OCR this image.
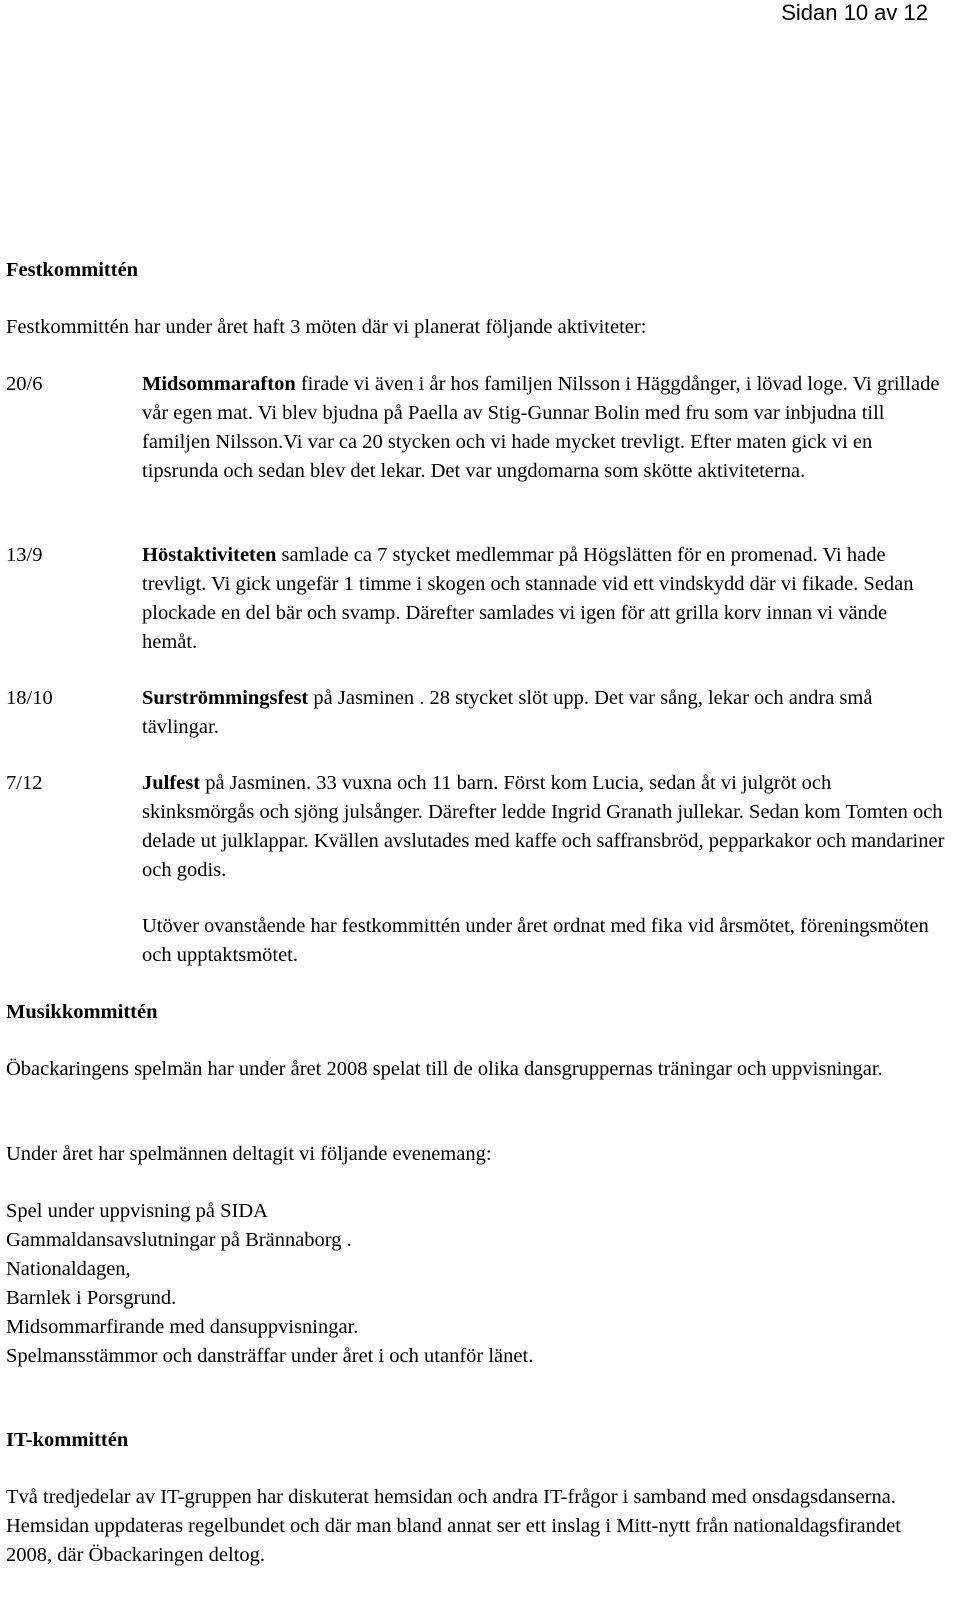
Sidan 10 av 12
Festkommittén
Festkommittén har under året haft 3 möten där vi planerat följande aktiviteter:
20/6	Midsommarafton firade vi även i år hos familjen Nilsson i Häggdånger, i lövad loge. Vi grillade vår egen mat. Vi blev bjudna på Paella av Stig-Gunnar Bolin med fru som var inbjudna till familjen Nilsson.Vi var ca 20 stycken och vi hade mycket trevligt. Efter maten gick vi en tipsrunda och sedan blev det lekar. Det var ungdomarna som skötte aktiviteterna.
13/9	Höstaktiviteten samlade ca 7 stycket medlemmar på Högslätten för en promenad. Vi hade trevligt. Vi gick ungefär 1 timme i skogen och stannade vid ett vindskydd där vi fikade. Sedan plockade en del bär och svamp. Därefter samlades vi igen för att grilla korv innan vi vände hemåt.
18/10	Surströmmingsfest på Jasminen . 28 stycket slöt upp. Det var sång, lekar och andra små tävlingar.
7/12	Julfest på Jasminen. 33 vuxna och 11 barn. Först kom Lucia, sedan åt vi julgröt och skinksmörgås och sjöng julsånger. Därefter ledde Ingrid Granath jullekar. Sedan kom Tomten och delade ut julklappar. Kvällen avslutades med kaffe och saffransbröd, pepparkakor och mandariner och godis.
Utöver ovanstående har festkommittén under året ordnat med fika vid årsmötet, föreningsmöten och upptaktsmötet.
Musikkommittén
Öbackaringens spelmän har under året 2008 spelat till de olika dansgruppernas träningar och uppvisningar.
Under året har spelmännen deltagit vi följande evenemang:
Spel under uppvisning på SIDA
Gammaldansavslutningar på Brännaborg .
Nationaldagen,
Barnlek i Porsgrund.
Midsommarfirande med dansuppvisningar.
Spelmansstämmor och dansträffar under året i och utanför länet.
IT-kommittén
Två tredjedelar av IT-gruppen har diskuterat hemsidan och andra IT-frågor i samband med onsdagsdanserna. Hemsidan uppdateras regelbundet och där man bland annat ser ett inslag i Mitt-nytt från nationaldagsfirandet 2008, där Öbackaringen deltog.
